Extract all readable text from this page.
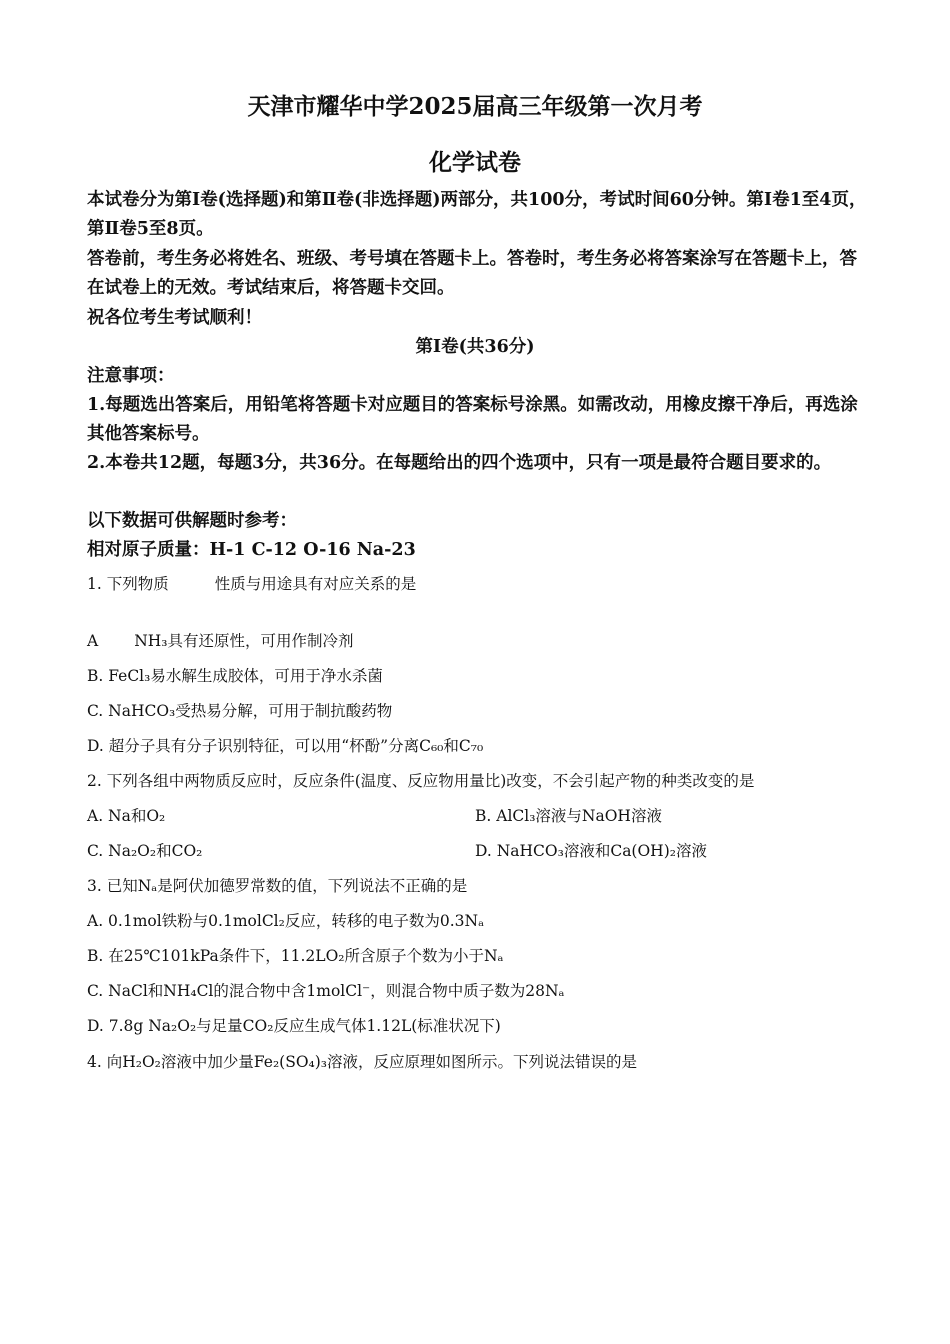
天津市耀华中学2025届高三年级第一次月考
化学试卷
本试卷分为第Ⅰ卷(选择题)和第Ⅱ卷(非选择题)两部分，共100分，考试时间60分钟。第Ⅰ卷1至4页，第Ⅱ卷5至8页。
答卷前，考生务必将姓名、班级、考号填在答题卡上。答卷时，考生务必将答案涂写在答题卡上，答在试卷上的无效。考试结束后，将答题卡交回。
祝各位考生考试顺利！
第Ⅰ卷(共36分)
注意事项：
1.每题选出答案后，用铅笔将答题卡对应题目的答案标号涂黑。如需改动，用橡皮擦干净后，再选涂其他答案标号。
2.本卷共12题，每题3分，共36分。在每题给出的四个选项中，只有一项是最符合题目要求的。
以下数据可供解题时参考：
相对原子质量：H-1 C-12 O-16 Na-23
1. 下列物质	性质与用途具有对应关系的是
A NH₃具有还原性，可用作制冷剂
B. FeCl₃易水解生成胶体，可用于净水杀菌
C. NaHCO₃受热易分解，可用于制抗酸药物
D. 超分子具有分子识别特征，可以用“杯酚”分离C₆₀和C₇₀
2. 下列各组中两物质反应时，反应条件(温度、反应物用量比)改变，不会引起产物的种类改变的是
A. Na和O₂	B. AlCl₃溶液与NaOH溶液
C. Na₂O₂和CO₂	D. NaHCO₃溶液和Ca(OH)₂溶液
3. 已知Nₐ是阿伏加德罗常数的值，下列说法不正确的是
A. 0.1mol铁粉与0.1molCl₂反应，转移的电子数为0.3Nₐ
B. 在25℃101kPa条件下，11.2LO₂所含原子个数为小于Nₐ
C. NaCl和NH₄Cl的混合物中含1molCl⁻，则混合物中质子数为28Nₐ
D. 7.8g Na₂O₂与足量CO₂反应生成气体1.12L(标准状况下)
4. 向H₂O₂溶液中加少量Fe₂(SO₄)₃溶液，反应原理如图所示。下列说法错误的是
